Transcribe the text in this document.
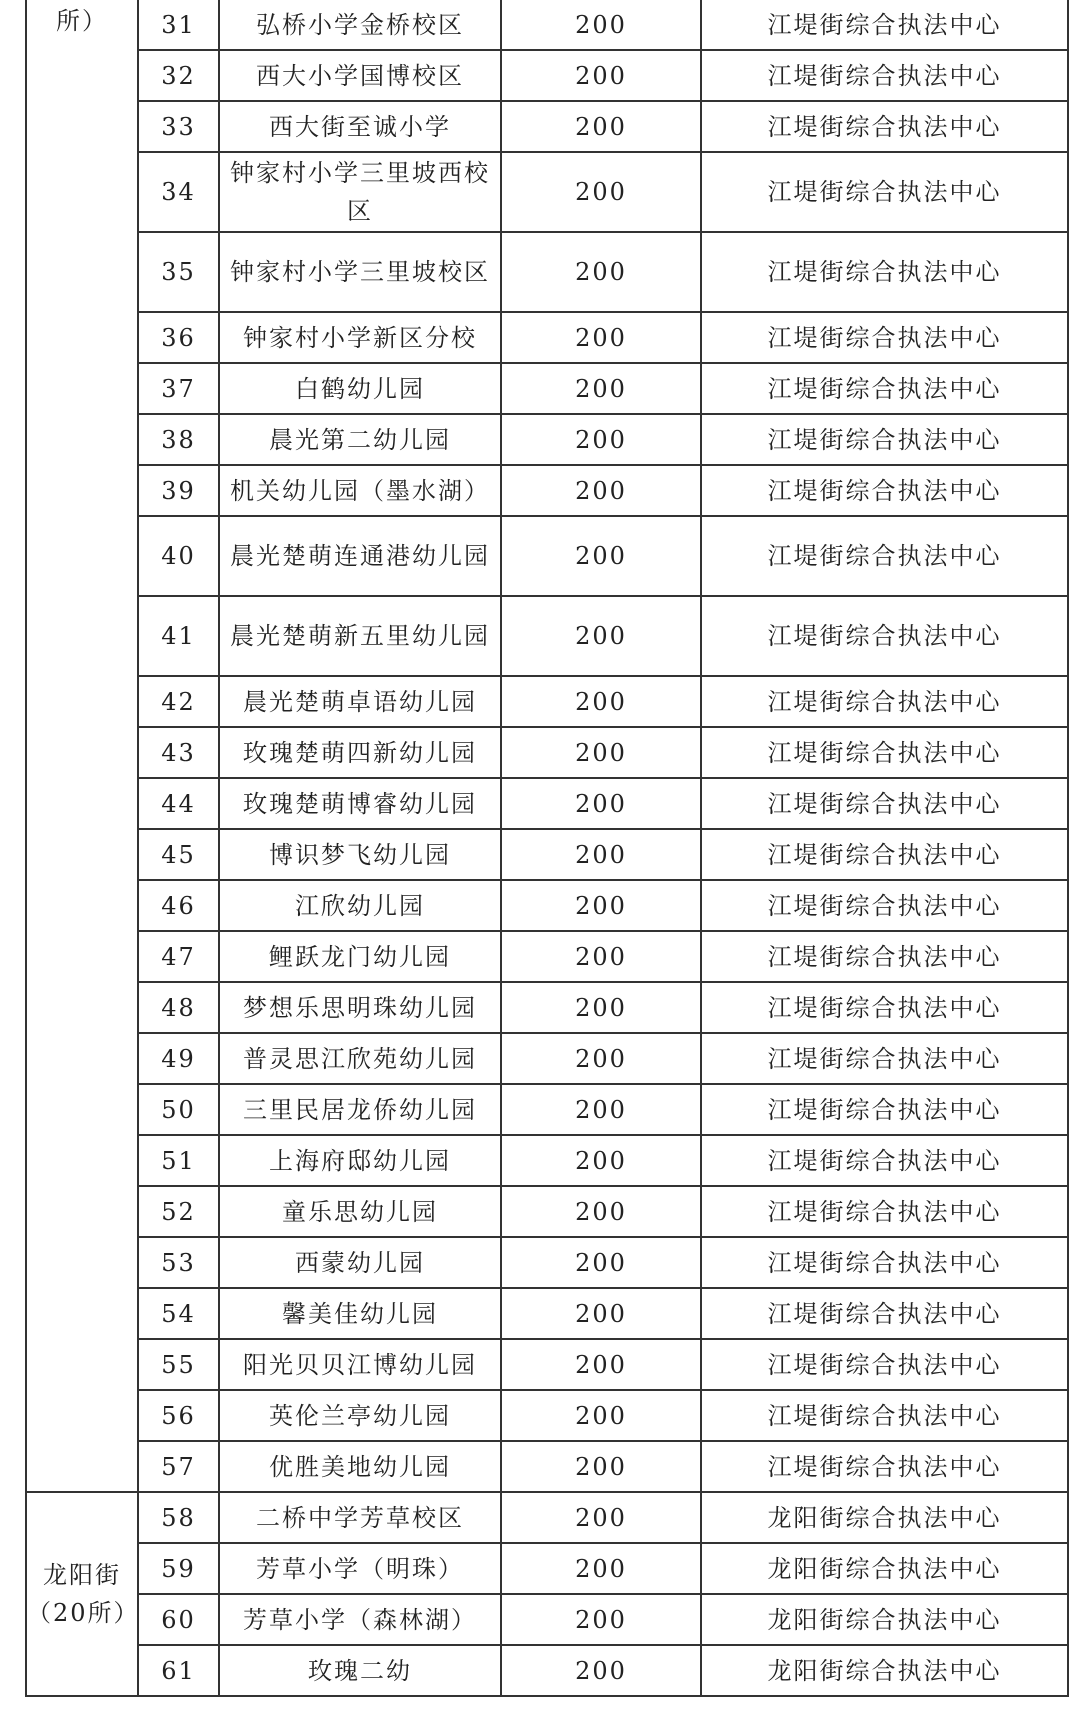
所）	31	弘桥小学金桥校区	200	江堤街综合执法中心
	32	西大小学国博校区	200	江堤街综合执法中心
	33	西大街至诚小学	200	江堤街综合执法中心
	34	钟家村小学三里坡西校区	200	江堤街综合执法中心
	35	钟家村小学三里坡校区	200	江堤街综合执法中心
	36	钟家村小学新区分校	200	江堤街综合执法中心
	37	白鹤幼儿园	200	江堤街综合执法中心
	38	晨光第二幼儿园	200	江堤街综合执法中心
	39	机关幼儿园（墨水湖）	200	江堤街综合执法中心
	40	晨光楚萌连通港幼儿园	200	江堤街综合执法中心
	41	晨光楚萌新五里幼儿园	200	江堤街综合执法中心
	42	晨光楚萌卓语幼儿园	200	江堤街综合执法中心
	43	玫瑰楚萌四新幼儿园	200	江堤街综合执法中心
	44	玫瑰楚萌博睿幼儿园	200	江堤街综合执法中心
	45	博识梦飞幼儿园	200	江堤街综合执法中心
	46	江欣幼儿园	200	江堤街综合执法中心
	47	鲤跃龙门幼儿园	200	江堤街综合执法中心
	48	梦想乐思明珠幼儿园	200	江堤街综合执法中心
	49	普灵思江欣苑幼儿园	200	江堤街综合执法中心
	50	三里民居龙侨幼儿园	200	江堤街综合执法中心
	51	上海府邸幼儿园	200	江堤街综合执法中心
	52	童乐思幼儿园	200	江堤街综合执法中心
	53	西蒙幼儿园	200	江堤街综合执法中心
	54	馨美佳幼儿园	200	江堤街综合执法中心
	55	阳光贝贝江博幼儿园	200	江堤街综合执法中心
	56	英伦兰亭幼儿园	200	江堤街综合执法中心
	57	优胜美地幼儿园	200	江堤街综合执法中心
龙阳街（20所）	58	二桥中学芳草校区	200	龙阳街综合执法中心
	59	芳草小学（明珠）	200	龙阳街综合执法中心
	60	芳草小学（森林湖）	200	龙阳街综合执法中心
	61	玫瑰二幼	200	龙阳街综合执法中心
